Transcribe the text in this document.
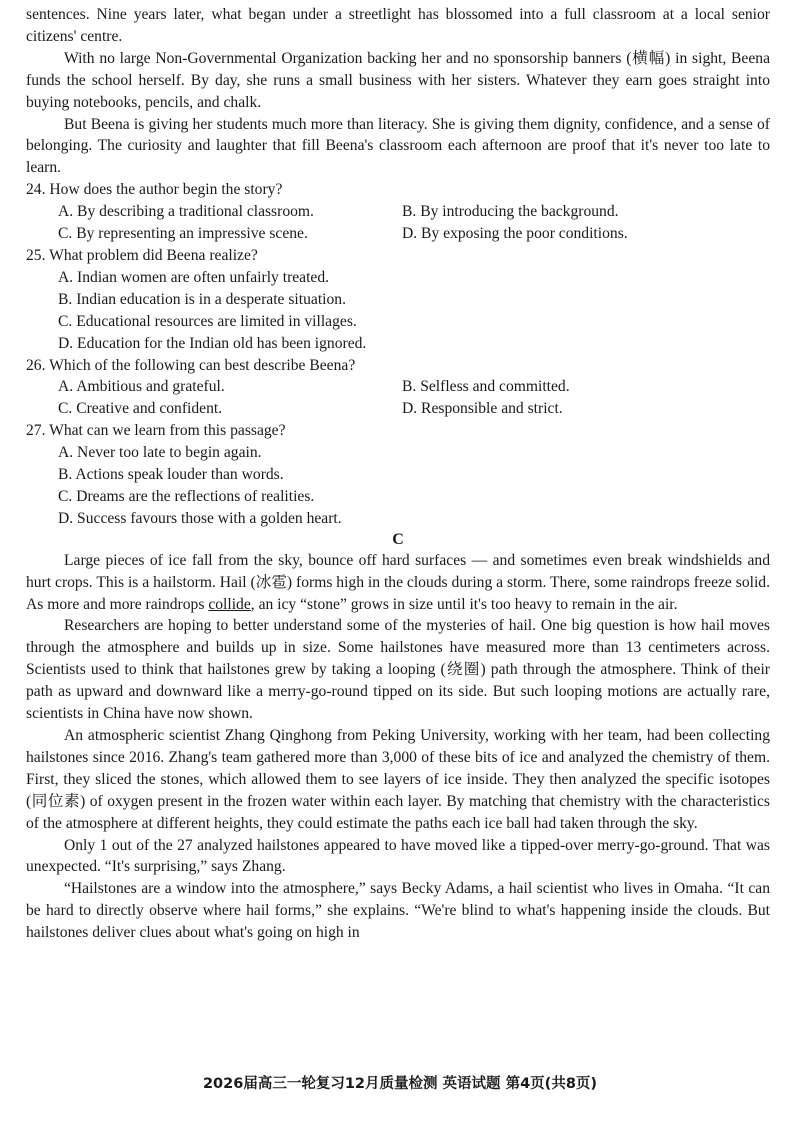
sentences. Nine years later, what began under a streetlight has blossomed into a full classroom at a local senior citizens' centre.

With no large Non-Governmental Organization backing her and no sponsorship banners (横幅) in sight, Beena funds the school herself. By day, she runs a small business with her sisters. Whatever they earn goes straight into buying notebooks, pencils, and chalk.

But Beena is giving her students much more than literacy. She is giving them dignity, confidence, and a sense of belonging. The curiosity and laughter that fill Beena's classroom each afternoon are proof that it's never too late to learn.

24. How does the author begin the story?
A. By describing a traditional classroom.	B. By introducing the background.
C. By representing an impressive scene.	D. By exposing the poor conditions.
25. What problem did Beena realize?
A. Indian women are often unfairly treated.
B. Indian education is in a desperate situation.
C. Educational resources are limited in villages.
D. Education for the Indian old has been ignored.
26. Which of the following can best describe Beena?
A. Ambitious and grateful.	B. Selfless and committed.
C. Creative and confident.	D. Responsible and strict.
27. What can we learn from this passage?
A. Never too late to begin again.
B. Actions speak louder than words.
C. Dreams are the reflections of realities.
D. Success favours those with a golden heart.
C

Large pieces of ice fall from the sky, bounce off hard surfaces — and sometimes even break windshields and hurt crops. This is a hailstorm. Hail (冰雹) forms high in the clouds during a storm. There, some raindrops freeze solid. As more and more raindrops collide, an icy “stone” grows in size until it's too heavy to remain in the air.

Researchers are hoping to better understand some of the mysteries of hail. One big question is how hail moves through the atmosphere and builds up in size. Some hailstones have measured more than 13 centimeters across. Scientists used to think that hailstones grew by taking a looping (绕圈) path through the atmosphere. Think of their path as upward and downward like a merry-go-round tipped on its side. But such looping motions are actually rare, scientists in China have now shown.

An atmospheric scientist Zhang Qinghong from Peking University, working with her team, had been collecting hailstones since 2016. Zhang's team gathered more than 3,000 of these bits of ice and analyzed the chemistry of them. First, they sliced the stones, which allowed them to see layers of ice inside. They then analyzed the specific isotopes (同位素) of oxygen present in the frozen water within each layer. By matching that chemistry with the characteristics of the atmosphere at different heights, they could estimate the paths each ice ball had taken through the sky.

Only 1 out of the 27 analyzed hailstones appeared to have moved like a tipped-over merry-go-ground. That was unexpected. “It's surprising,” says Zhang.

“Hailstones are a window into the atmosphere,” says Becky Adams, a hail scientist who lives in Omaha. “It can be hard to directly observe where hail forms,” she explains. “We're blind to what's happening inside the clouds. But hailstones deliver clues about what's going on high in

2026届高三一轮复习12月质量检测 英语试题 第4页(共8页)
